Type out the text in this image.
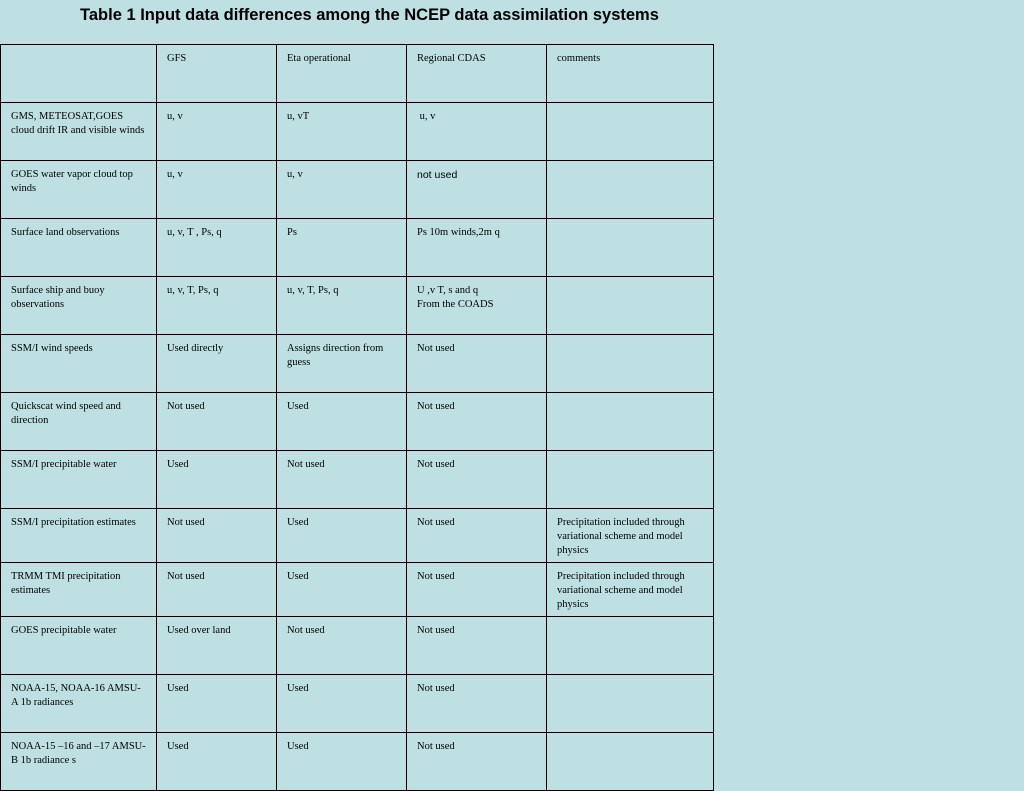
Table 1 Input data differences among the NCEP data assimilation systems
	GFS	Eta operational	Regional CDAS	comments
GMS, METEOSAT,GOES cloud drift IR and visible winds	u, v	u, vT	u, v	
GOES water vapor cloud top winds	u, v	u, v	not used	
Surface land observations	u, v, T , Ps, q	Ps	Ps 10m winds,2m q	
Surface ship and buoy observations	u, v, T, Ps, q	u, v, T, Ps, q	U ,v T, s and q
From the COADS	
SSM/I wind speeds	Used directly	Assigns direction from guess	Not used	
Quickscat wind speed and direction	Not used	Used	Not used	
SSM/I precipitable water	Used	Not used	Not used	
SSM/I precipitation estimates	Not used	Used	Not used	Precipitation included through variational scheme and model physics
TRMM TMI precipitation estimates	Not used	Used	Not used	Precipitation included through variational scheme and model physics
GOES precipitable water	Used over land	Not used	Not used	
NOAA-15, NOAA-16 AMSU-A 1b radiances	Used	Used	Not used	
NOAA-15 –16 and –17 AMSU-B 1b radiance s	Used	Used	Not used	
